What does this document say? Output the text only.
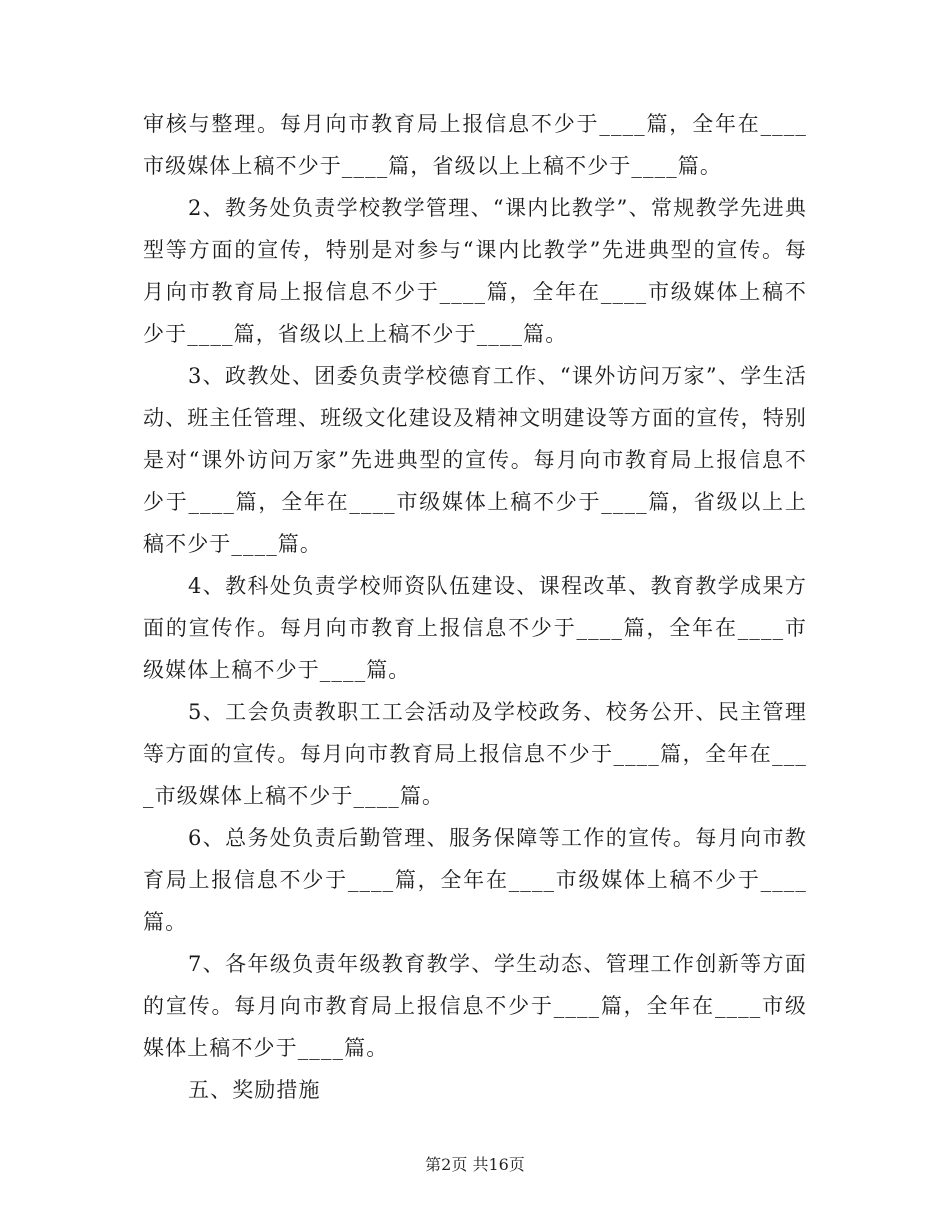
审核与整理。每月向市教育局上报信息不少于____篇，全年在____市级媒体上稿不少于____篇，省级以上上稿不少于____篇。

2、教务处负责学校教学管理、“课内比教学”、常规教学先进典型等方面的宣传，特别是对参与“课内比教学”先进典型的宣传。每月向市教育局上报信息不少于____篇，全年在____市级媒体上稿不少于____篇，省级以上上稿不少于____篇。

3、政教处、团委负责学校德育工作、“课外访问万家”、学生活动、班主任管理、班级文化建设及精神文明建设等方面的宣传，特别是对“课外访问万家”先进典型的宣传。每月向市教育局上报信息不少于____篇，全年在____市级媒体上稿不少于____篇，省级以上上稿不少于____篇。

4、教科处负责学校师资队伍建设、课程改革、教育教学成果方面的宣传作。每月向市教育上报信息不少于____篇，全年在____市级媒体上稿不少于____篇。

5、工会负责教职工工会活动及学校政务、校务公开、民主管理等方面的宣传。每月向市教育局上报信息不少于____篇，全年在____市级媒体上稿不少于____篇。

6、总务处负责后勤管理、服务保障等工作的宣传。每月向市教育局上报信息不少于____篇，全年在____市级媒体上稿不少于____篇。

7、各年级负责年级教育教学、学生动态、管理工作创新等方面的宣传。每月向市教育局上报信息不少于____篇，全年在____市级媒体上稿不少于____篇。

五、奖励措施

第2页 共16页
